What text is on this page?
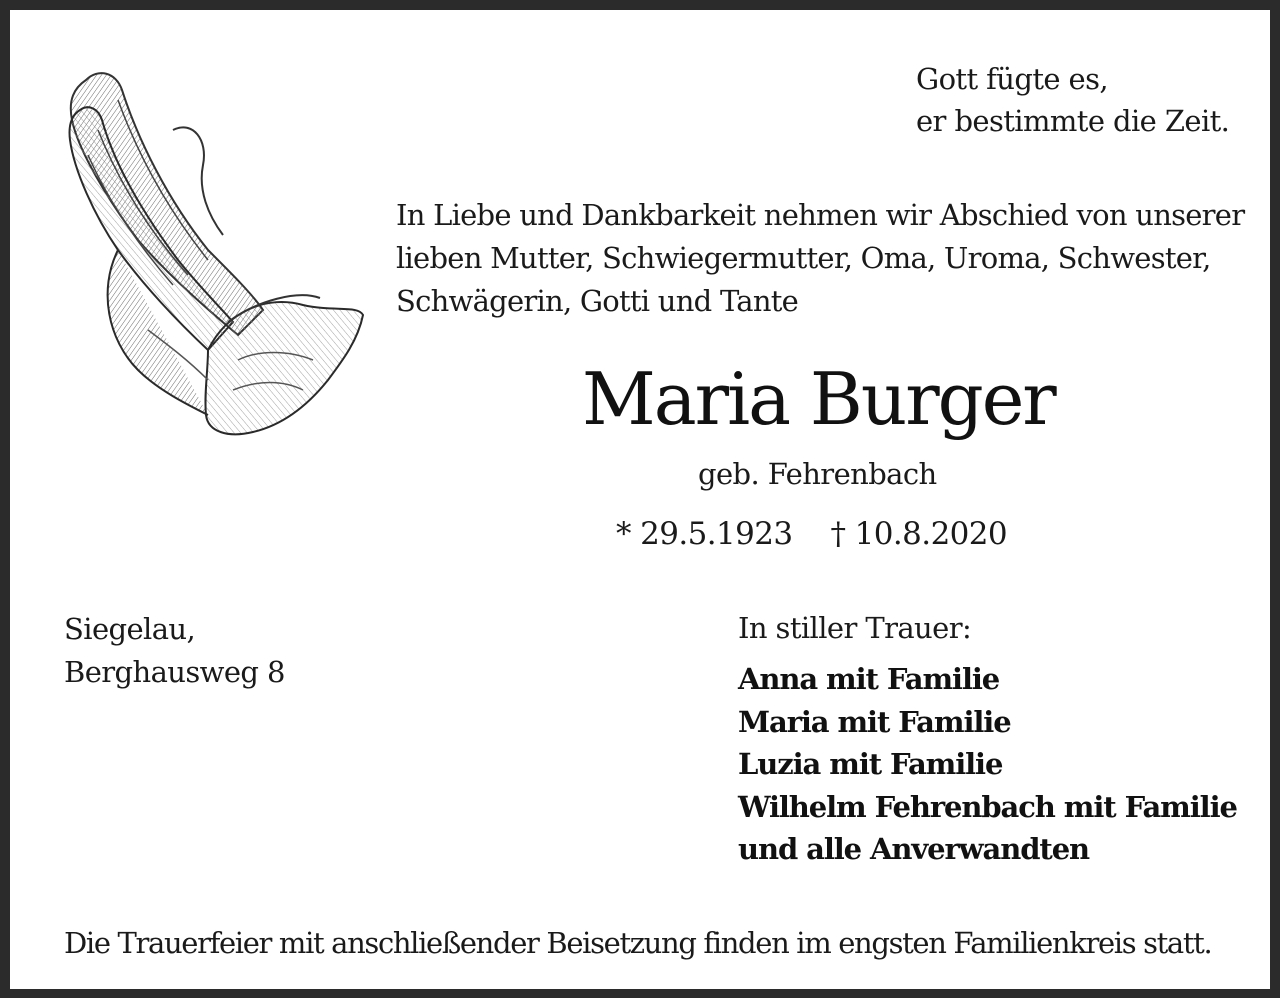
Gott fügte es,
er bestimmte die Zeit.
In Liebe und Dankbarkeit nehmen wir Abschied von unserer
lieben Mutter, Schwiegermutter, Oma, Uroma, Schwester,
Schwägerin, Gotti und Tante
Maria Burger
geb. Fehrenbach
* 29.5.1923 † 10.8.2020
Siegelau,
Berghausweg 8
In stiller Trauer:
Anna mit Familie
Maria mit Familie
Luzia mit Familie
Wilhelm Fehrenbach mit Familie
und alle Anverwandten
Die Trauerfeier mit anschließender Beisetzung finden im engsten Familienkreis statt.
